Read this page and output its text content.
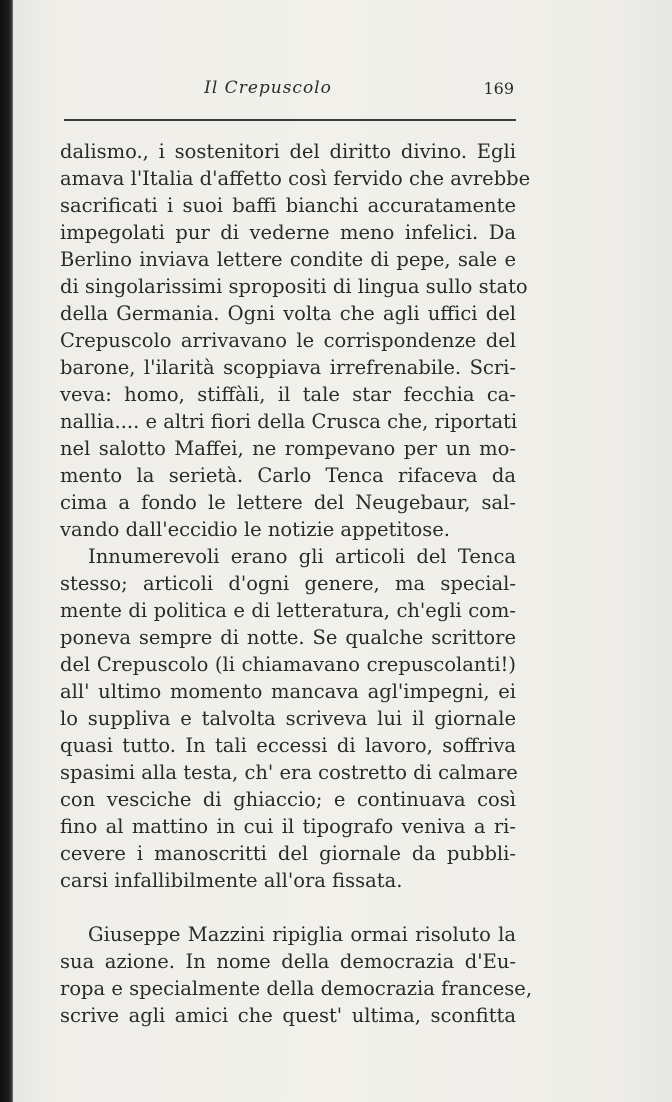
Il Crepuscolo	169
dalismo., i sostenitori del diritto divino. Egli
amava l'Italia d'affetto così fervido che avrebbe
sacrificati i suoi baffi bianchi accuratamente
impegolati pur di vederne meno infelici. Da
Berlino inviava lettere condite di pepe, sale e
di singolarissimi spropositi di lingua sullo stato
della Germania. Ogni volta che agli uffici del
Crepuscolo arrivavano le corrispondenze del
barone, l'ilarità scoppiava irrefrenabile. Scri-
veva: homo, stiffàli, il tale star fecchia ca-
nallia.... e altri fiori della Crusca che, riportati
nel salotto Maffei, ne rompevano per un mo-
mento la serietà. Carlo Tenca rifaceva da
cima a fondo le lettere del Neugebaur, sal-
vando dall'eccidio le notizie appetitose.
Innumerevoli erano gli articoli del Tenca
stesso; articoli d'ogni genere, ma special-
mente di politica e di letteratura, ch'egli com-
poneva sempre di notte. Se qualche scrittore
del Crepuscolo (li chiamavano crepuscolanti!)
all' ultimo momento mancava agl'impegni, ei
lo suppliva e talvolta scriveva lui il giornale
quasi tutto. In tali eccessi di lavoro, soffriva
spasimi alla testa, ch' era costretto di calmare
con vesciche di ghiaccio; e continuava così
fino al mattino in cui il tipografo veniva a ri-
cevere i manoscritti del giornale da pubbli-
carsi infallibilmente all'ora fissata.
Giuseppe Mazzini ripiglia ormai risoluto la
sua azione. In nome della democrazia d'Eu-
ropa e specialmente della democrazia francese,
scrive agli amici che quest' ultima, sconfitta
